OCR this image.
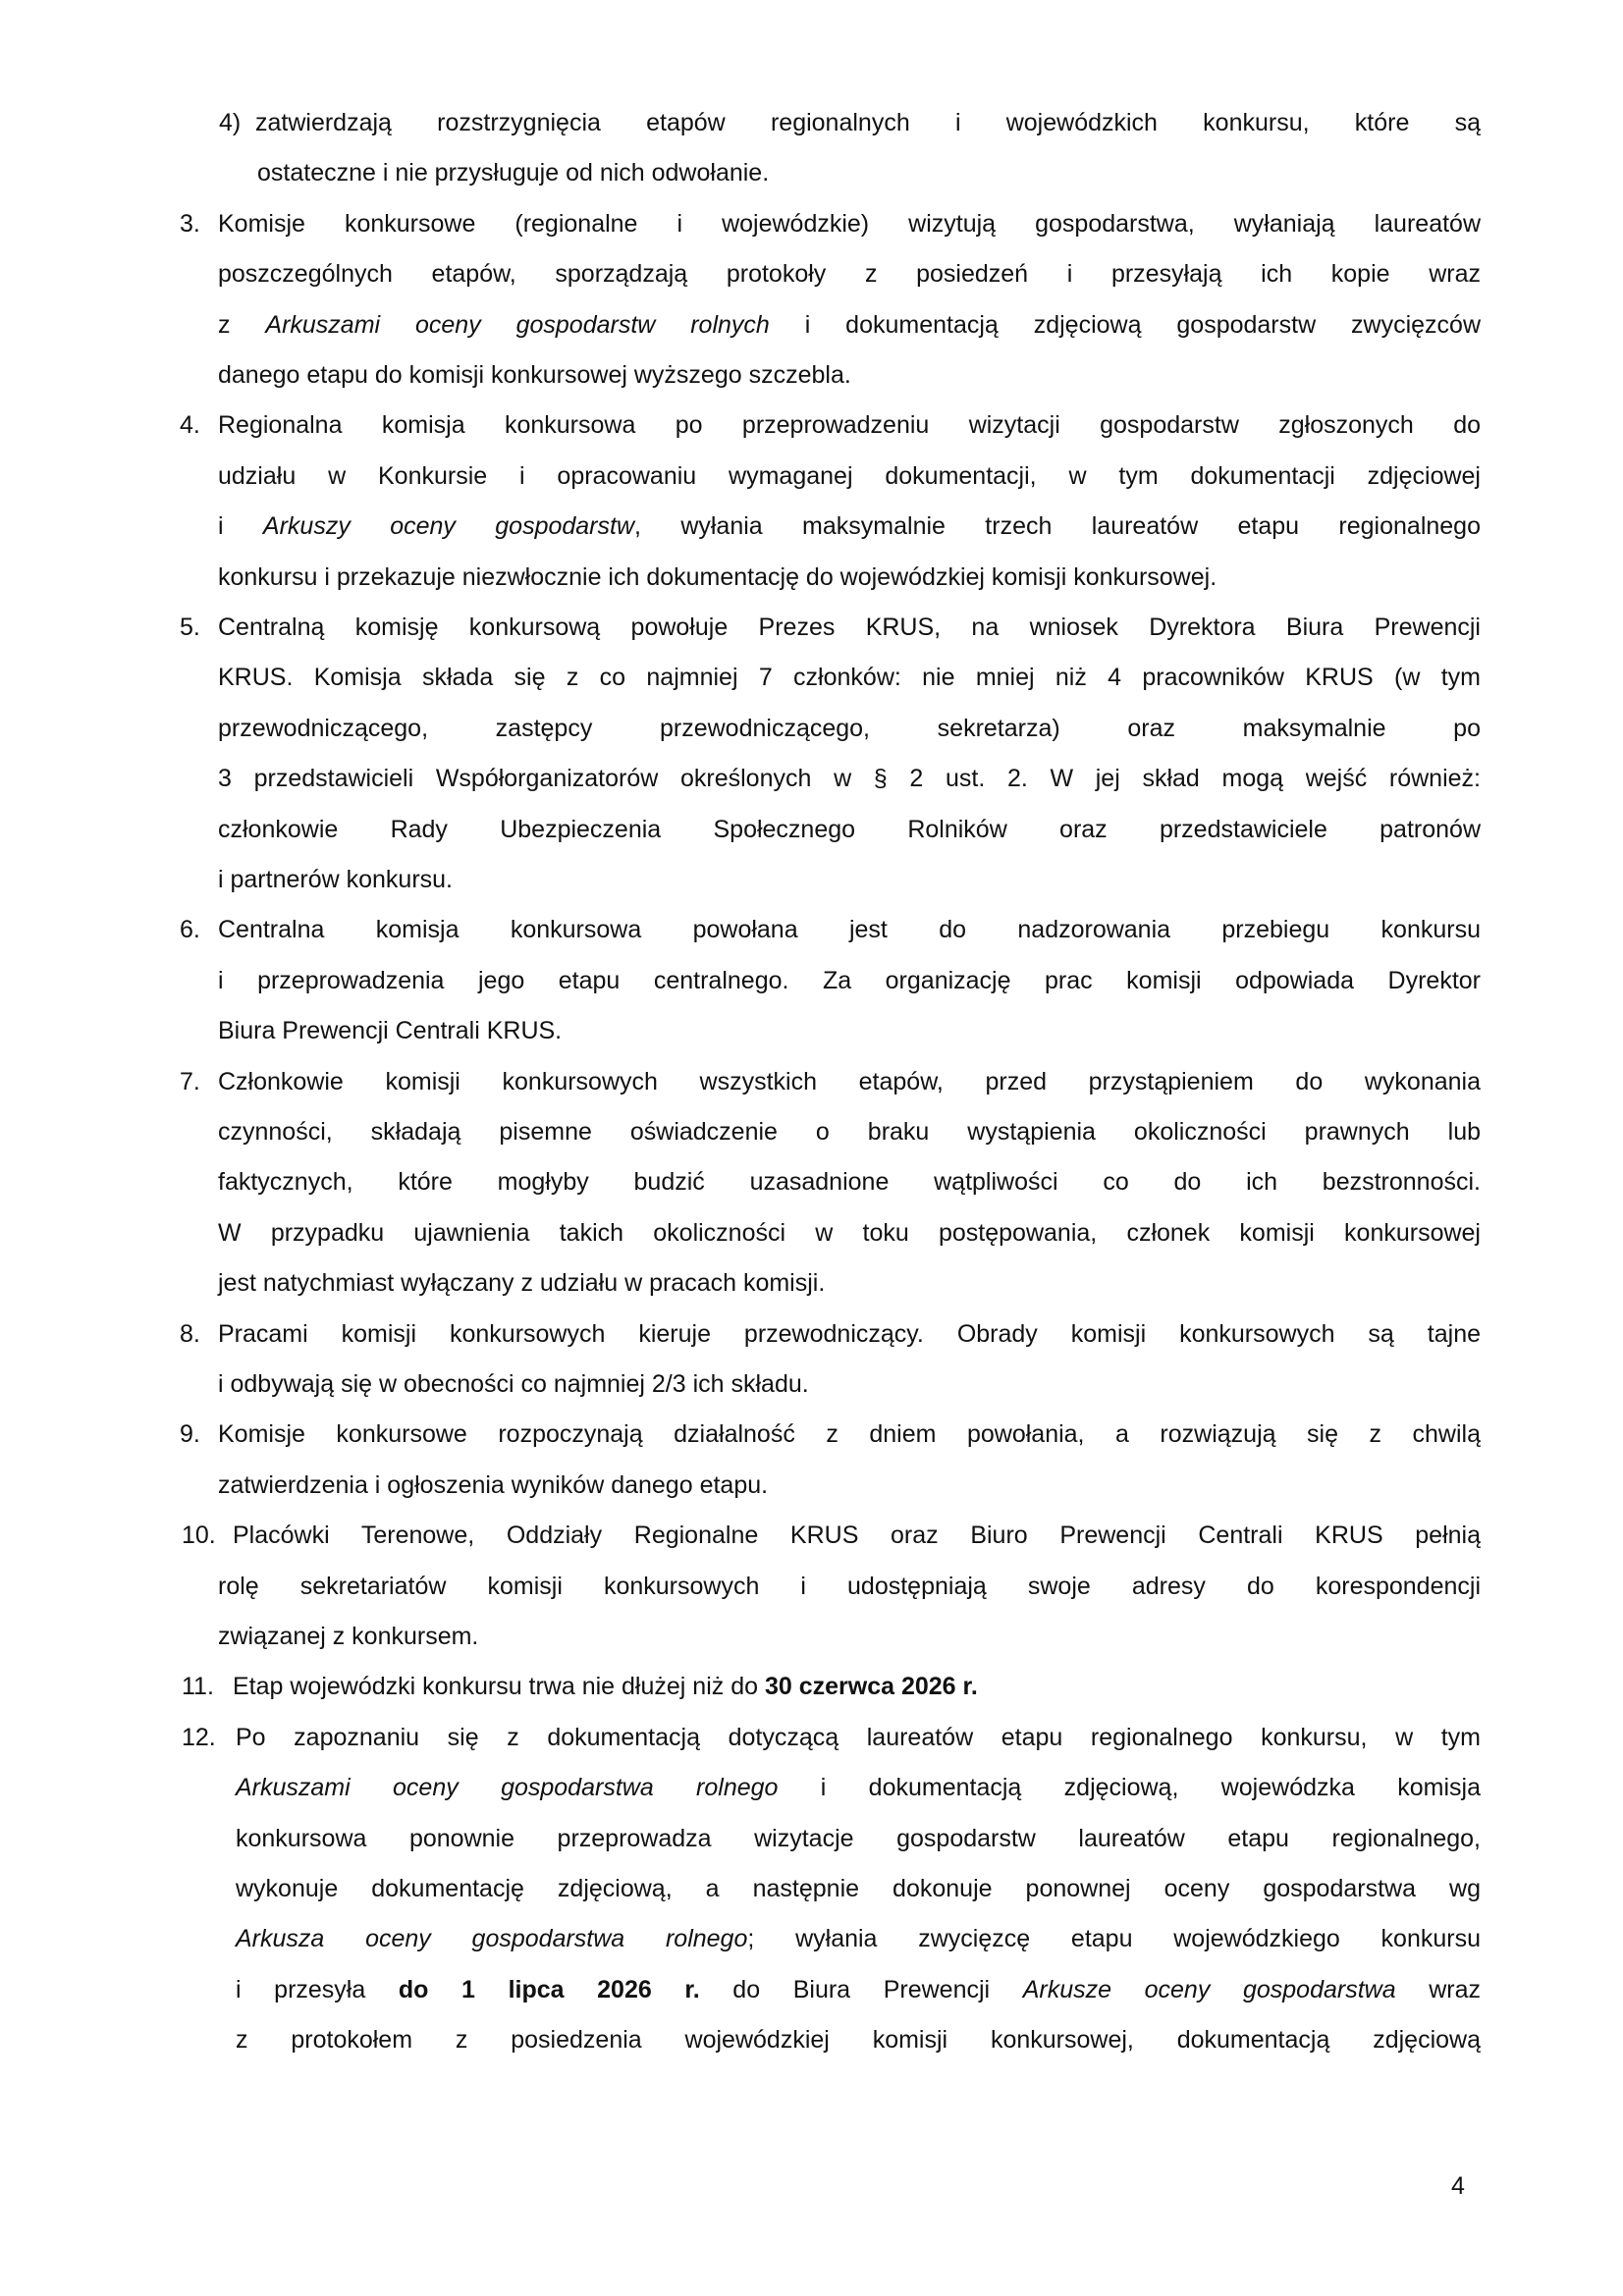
4) zatwierdzają rozstrzygnięcia etapów regionalnych i wojewódzkich konkursu, które są
ostateczne i nie przysługuje od nich odwołanie.
3. Komisje konkursowe (regionalne i wojewódzkie) wizytują gospodarstwa, wyłaniają laureatów
poszczególnych etapów, sporządzają protokoły z posiedzeń i przesyłają ich kopie wraz
z Arkuszami oceny gospodarstw rolnych i dokumentacją zdjęciową gospodarstw zwycięzców
danego etapu do komisji konkursowej wyższego szczebla.
4. Regionalna komisja konkursowa po przeprowadzeniu wizytacji gospodarstw zgłoszonych do
udziału w Konkursie i opracowaniu wymaganej dokumentacji, w tym dokumentacji zdjęciowej
i Arkuszy oceny gospodarstw, wyłania maksymalnie trzech laureatów etapu regionalnego
konkursu i przekazuje niezwłocznie ich dokumentację do wojewódzkiej komisji konkursowej.
5. Centralną komisję konkursową powołuje Prezes KRUS, na wniosek Dyrektora Biura Prewencji
KRUS. Komisja składa się z co najmniej 7 członków: nie mniej niż 4 pracowników KRUS (w tym
przewodniczącego, zastępcy przewodniczącego, sekretarza) oraz maksymalnie po
3 przedstawicieli Współorganizatorów określonych w § 2 ust. 2. W jej skład mogą wejść również:
członkowie Rady Ubezpieczenia Społecznego Rolników oraz przedstawiciele patronów
i partnerów konkursu.
6. Centralna komisja konkursowa powołana jest do nadzorowania przebiegu konkursu
i przeprowadzenia jego etapu centralnego. Za organizację prac komisji odpowiada Dyrektor
Biura Prewencji Centrali KRUS.
7. Członkowie komisji konkursowych wszystkich etapów, przed przystąpieniem do wykonania
czynności, składają pisemne oświadczenie o braku wystąpienia okoliczności prawnych lub
faktycznych, które mogłyby budzić uzasadnione wątpliwości co do ich bezstronności.
W przypadku ujawnienia takich okoliczności w toku postępowania, członek komisji konkursowej
jest natychmiast wyłączany z udziału w pracach komisji.
8. Pracami komisji konkursowych kieruje przewodniczący. Obrady komisji konkursowych są tajne
i odbywają się w obecności co najmniej 2/3 ich składu.
9. Komisje konkursowe rozpoczynają działalność z dniem powołania, a rozwiązują się z chwilą
zatwierdzenia i ogłoszenia wyników danego etapu.
10. Placówki Terenowe, Oddziały Regionalne KRUS oraz Biuro Prewencji Centrali KRUS pełnią
rolę sekretariatów komisji konkursowych i udostępniają swoje adresy do korespondencji
związanej z konkursem.
11. Etap wojewódzki konkursu trwa nie dłużej niż do 30 czerwca 2026 r.
12. Po zapoznaniu się z dokumentacją dotyczącą laureatów etapu regionalnego konkursu, w tym
Arkuszami oceny gospodarstwa rolnego i dokumentacją zdjęciową, wojewódzka komisja
konkursowa ponownie przeprowadza wizytacje gospodarstw laureatów etapu regionalnego,
wykonuje dokumentację zdjęciową, a następnie dokonuje ponownej oceny gospodarstwa wg
Arkusza oceny gospodarstwa rolnego; wyłania zwycięzcę etapu wojewódzkiego konkursu
i przesyła do 1 lipca 2026 r. do Biura Prewencji Arkusze oceny gospodarstwa wraz
z protokołem z posiedzenia wojewódzkiej komisji konkursowej, dokumentacją zdjęciową
4
